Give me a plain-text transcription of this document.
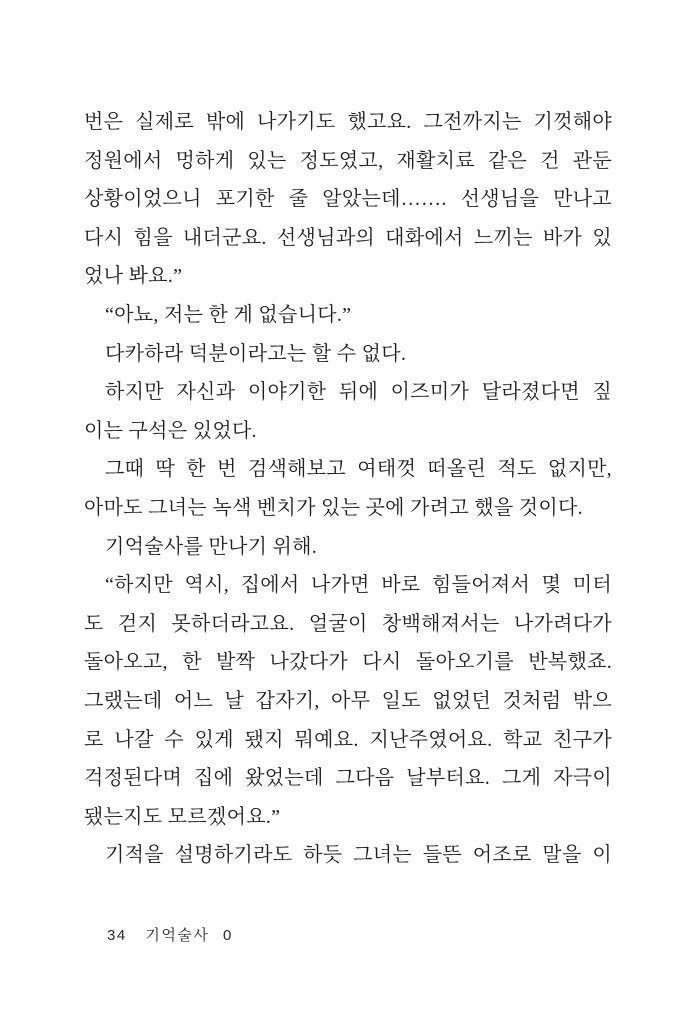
번은 실제로 밖에 나가기도 했고요. 그전까지는 기껏해야
정원에서 멍하게 있는 정도였고, 재활치료 같은 건 관둔
상황이었으니 포기한 줄 알았는데……. 선생님을 만나고
다시 힘을 내더군요. 선생님과의 대화에서 느끼는 바가 있
었나 봐요.”
“아뇨, 저는 한 게 없습니다.”
다카하라 덕분이라고는 할 수 없다.
하지만 자신과 이야기한 뒤에 이즈미가 달라졌다면 짚
이는 구석은 있었다.
그때 딱 한 번 검색해보고 여태껏 떠올린 적도 없지만,
아마도 그녀는 녹색 벤치가 있는 곳에 가려고 했을 것이다.
기억술사를 만나기 위해.
“하지만 역시, 집에서 나가면 바로 힘들어져서 몇 미터
도 걷지 못하더라고요. 얼굴이 창백해져서는 나가려다가
돌아오고, 한 발짝 나갔다가 다시 돌아오기를 반복했죠.
그랬는데 어느 날 갑자기, 아무 일도 없었던 것처럼 밖으
로 나갈 수 있게 됐지 뭐예요. 지난주였어요. 학교 친구가
걱정된다며 집에 왔었는데 그다음 날부터요. 그게 자극이
됐는지도 모르겠어요.”
기적을 설명하기라도 하듯 그녀는 들뜬 어조로 말을 이
34 기억술사 0
